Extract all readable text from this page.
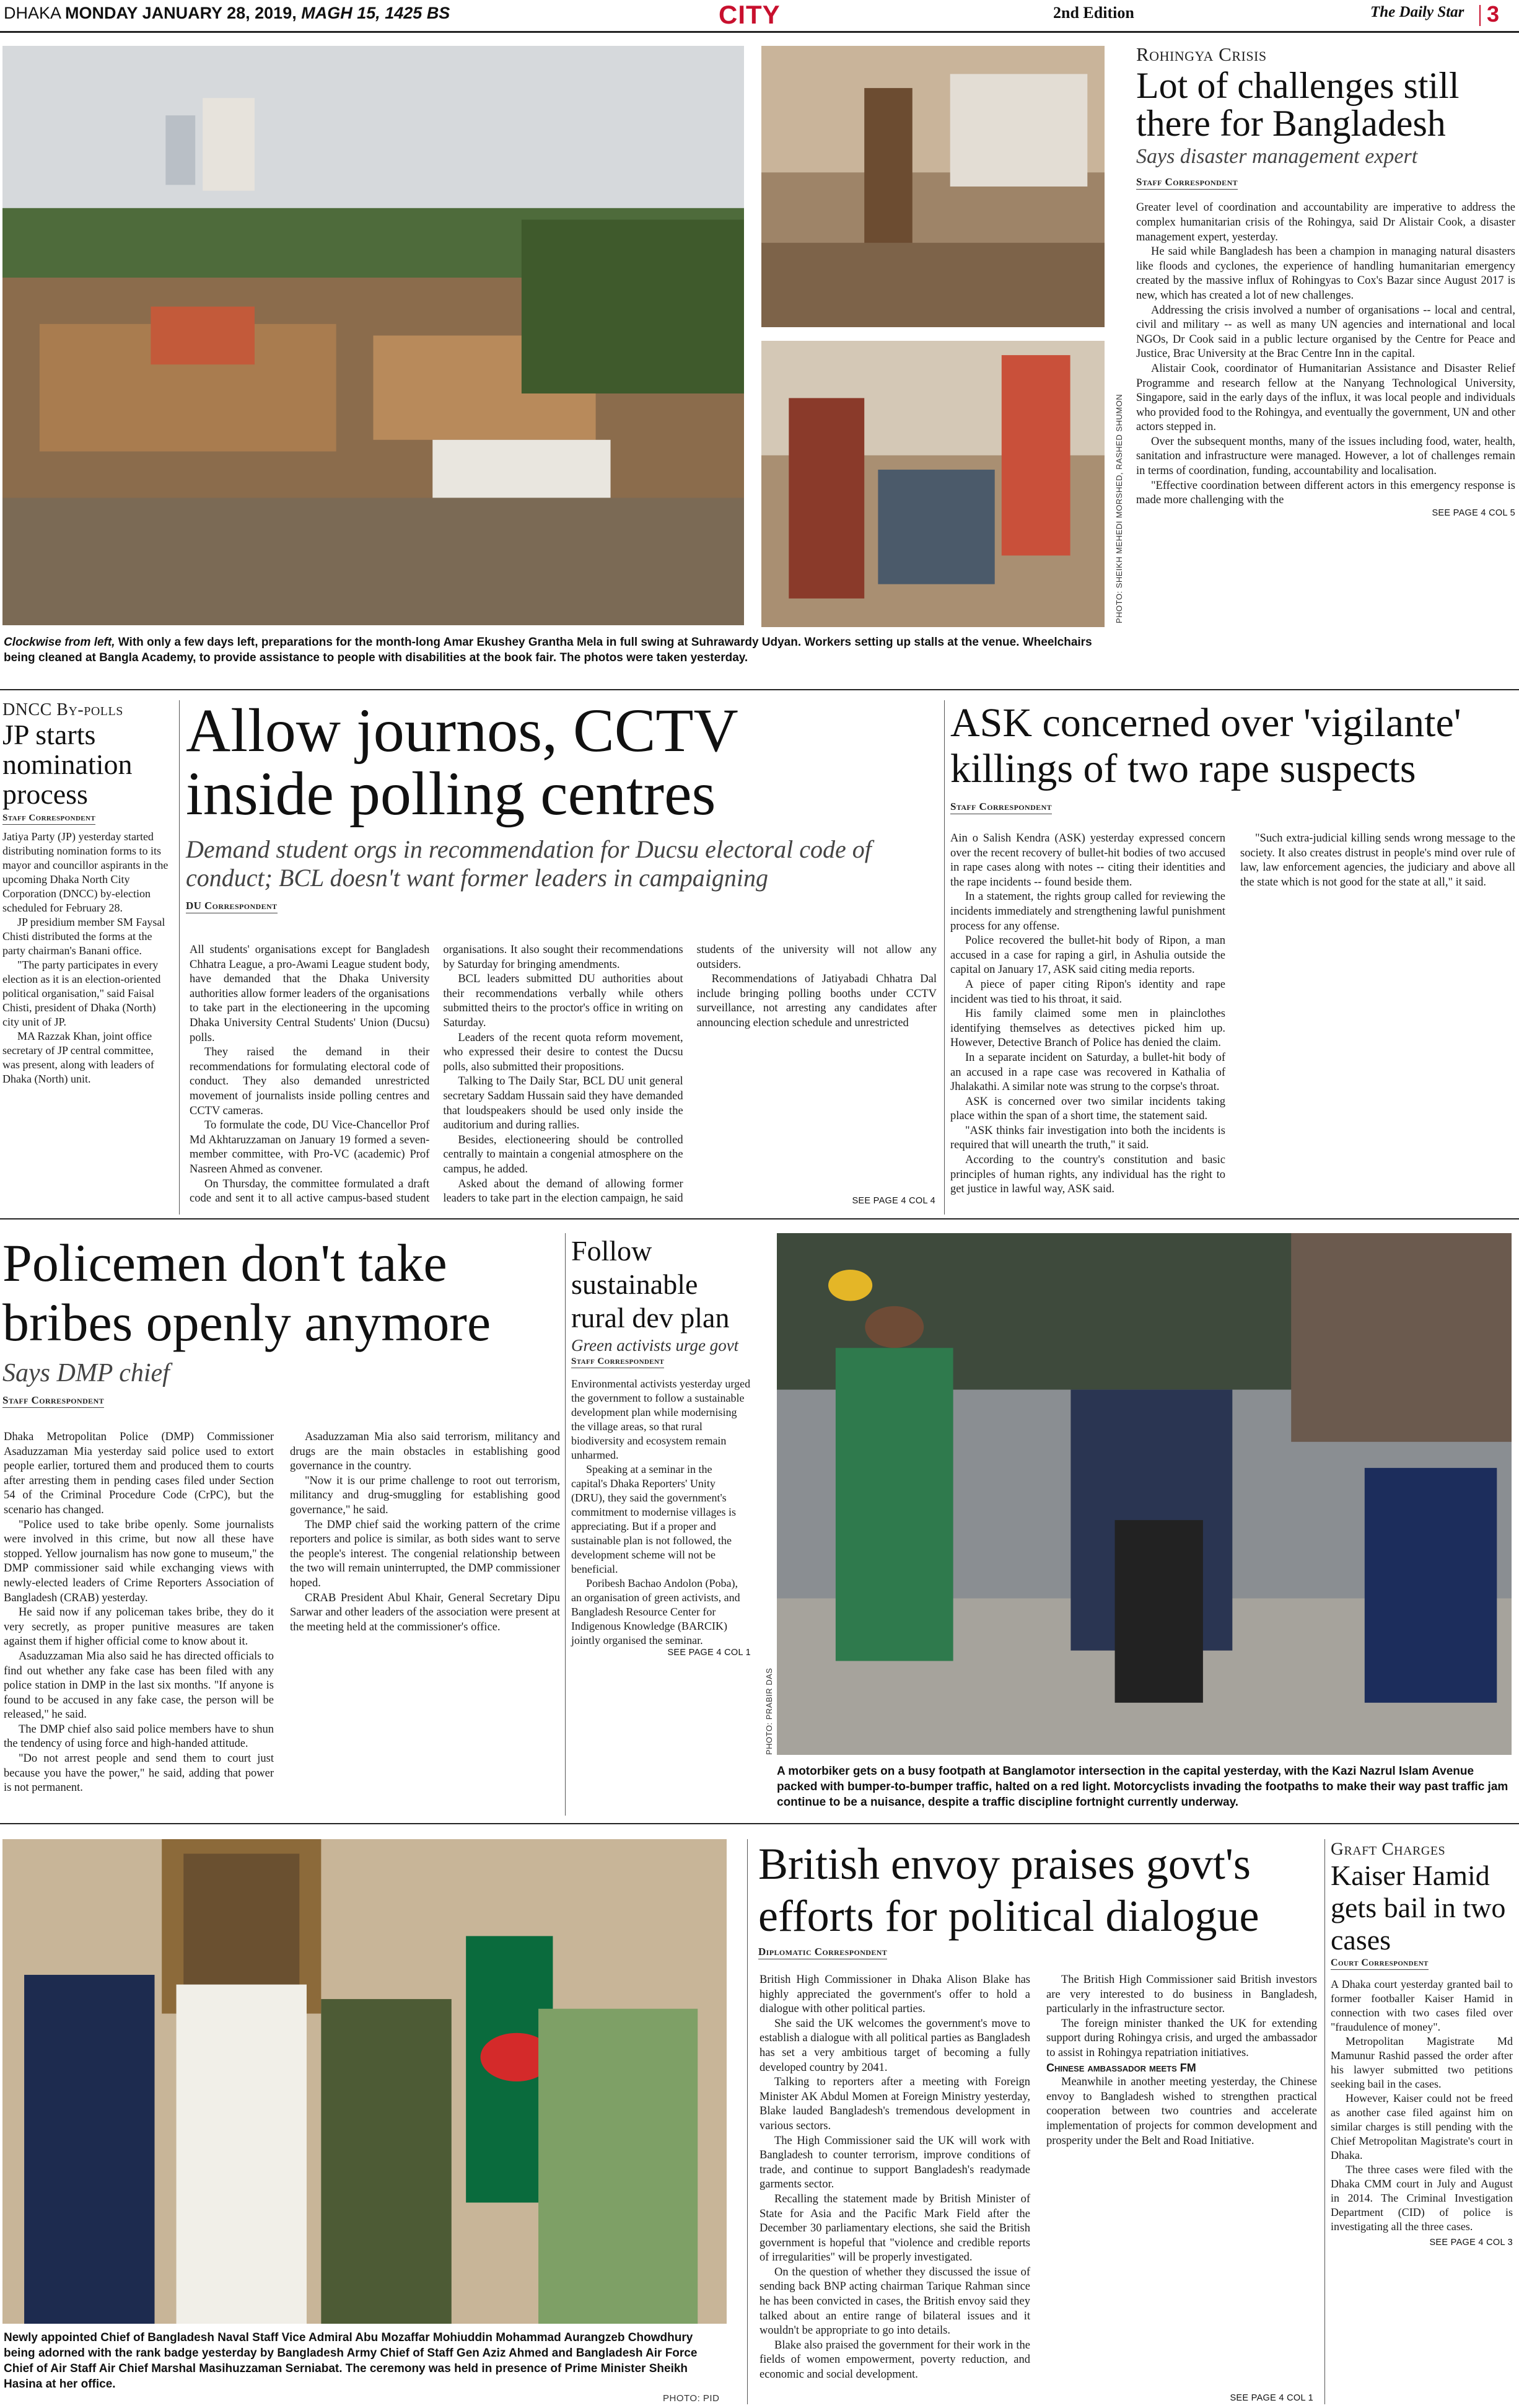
DHAKA MONDAY JANUARY 28, 2019, MAGH 15, 1425 BS	CITY	2nd Edition	The Daily Star 3
PHOTO: SHEIKH MEHEDI MORSHED, RASHED SHUMON
Clockwise from left, With only a few days left, preparations for the month-long Amar Ekushey Grantha Mela in full swing at Suhrawardy Udyan. Workers setting up stalls at the venue. Wheelchairs being cleaned at Bangla Academy, to provide assistance to people with disabilities at the book fair. The photos were taken yesterday.
Rohingya Crisis
Lot of challenges still there for Bangladesh
Says disaster management expert
Staff Correspondent

Greater level of coordination and accountability are imperative to address the complex humanitarian crisis of the Rohingya, said Dr Alistair Cook, a disaster management expert, yesterday.

He said while Bangladesh has been a champion in managing natural disasters like floods and cyclones, the experience of handling humanitarian emergency created by the massive influx of Rohingyas to Cox's Bazar since August 2017 is new, which has created a lot of new challenges.

Addressing the crisis involved a number of organisations -- local and central, civil and military -- as well as many UN agencies and international and local NGOs, Dr Cook said in a public lecture organised by the Centre for Peace and Justice, Brac University at the Brac Centre Inn in the capital.

Alistair Cook, coordinator of Humanitarian Assistance and Disaster Relief Programme and research fellow at the Nanyang Technological University, Singapore, said in the early days of the influx, it was local people and individuals who provided food to the Rohingya, and eventually the government, UN and other actors stepped in.

Over the subsequent months, many of the issues including food, water, health, sanitation and infrastructure were managed. However, a lot of challenges remain in terms of coordination, funding, accountability and localisation.

"Effective coordination between different actors in this emergency response is made more challenging with the

SEE PAGE 4 COL 5
DNCC By-polls
JP starts nomination process
Staff Correspondent

Jatiya Party (JP) yesterday started distributing nomination forms to its mayor and councillor aspirants in the upcoming Dhaka North City Corporation (DNCC) by-election scheduled for February 28.

JP presidium member SM Faysal Chisti distributed the forms at the party chairman's Banani office.

"The party participates in every election as it is an election-oriented political organisation," said Faisal Chisti, president of Dhaka (North) city unit of JP.

MA Razzak Khan, joint office secretary of JP central committee, was present, along with leaders of Dhaka (North) unit.

Allow journos, CCTV inside polling centres
Demand student orgs in recommendation for Ducsu electoral code of conduct; BCL doesn't want former leaders in campaigning
DU Correspondent

All students' organisations except for Bangladesh Chhatra League, a pro-Awami League student body, have demanded that the Dhaka University authorities allow former leaders of the organisations to take part in the electioneering in the upcoming Dhaka University Central Students' Union (Ducsu) polls.

They raised the demand in their recommendations for formulating electoral code of conduct. They also demanded unrestricted movement of journalists inside polling centres and CCTV cameras.

To formulate the code, DU Vice-Chancellor Prof Md Akhtaruzzaman on January 19 formed a seven-member committee, with Pro-VC (academic) Prof Nasreen Ahmed as convener.

On Thursday, the committee formulated a draft code and sent it to all active campus-based student organisations. It also sought their recommendations by Saturday for bringing amendments.

BCL leaders submitted DU authorities about their recommendations verbally while others submitted theirs to the proctor's office in writing on Saturday.

Leaders of the recent quota reform movement, who expressed their desire to contest the Ducsu polls, also submitted their propositions.

Talking to The Daily Star, BCL DU unit general secretary Saddam Hussain said they have demanded that loudspeakers should be used only inside the auditorium and during rallies.

Besides, electioneering should be controlled centrally to maintain a congenial atmosphere on the campus, he added.

Asked about the demand of allowing former leaders to take part in the election campaign, he said students of the university will not allow any outsiders.

Recommendations of Jatiyabadi Chhatra Dal include bringing polling booths under CCTV surveillance, not arresting any candidates after announcing election schedule and unrestricted

SEE PAGE 4 COL 4
ASK concerned over 'vigilante' killings of two rape suspects
Staff Correspondent

Ain o Salish Kendra (ASK) yesterday expressed concern over the recent recovery of bullet-hit bodies of two accused in rape cases along with notes -- citing their identities and the rape incidents -- found beside them.

In a statement, the rights group called for reviewing the incidents immediately and strengthening lawful punishment process for any offense.

Police recovered the bullet-hit body of Ripon, a man accused in a case for raping a girl, in Ashulia outside the capital on January 17, ASK said citing media reports.

A piece of paper citing Ripon's identity and rape incident was tied to his throat, it said.

His family claimed some men in plainclothes identifying themselves as detectives picked him up. However, Detective Branch of Police has denied the claim.

In a separate incident on Saturday, a bullet-hit body of an accused in a rape case was recovered in Kathalia of Jhalakathi. A similar note was strung to the corpse's throat.

ASK is concerned over two similar incidents taking place within the span of a short time, the statement said.

"ASK thinks fair investigation into both the incidents is required that will unearth the truth," it said.

According to the country's constitution and basic principles of human rights, any individual has the right to get justice in lawful way, ASK said.

"Such extra-judicial killing sends wrong message to the society. It also creates distrust in people's mind over rule of law, law enforcement agencies, the judiciary and above all the state which is not good for the state at all," it said.

Policemen don't take bribes openly anymore
Says DMP chief
Staff Correspondent

Dhaka Metropolitan Police (DMP) Commissioner Asaduzzaman Mia yesterday said police used to extort people earlier, tortured them and produced them to courts after arresting them in pending cases filed under Section 54 of the Criminal Procedure Code (CrPC), but the scenario has changed.

"Police used to take bribe openly. Some journalists were involved in this crime, but now all these have stopped. Yellow journalism has now gone to museum," the DMP commissioner said while exchanging views with newly-elected leaders of Crime Reporters Association of Bangladesh (CRAB) yesterday.

He said now if any policeman takes bribe, they do it very secretly, as proper punitive measures are taken against them if higher official come to know about it.

Asaduzzaman Mia also said he has directed officials to find out whether any fake case has been filed with any police station in DMP in the last six months. "If anyone is found to be accused in any fake case, the person will be released," he said.

The DMP chief also said police members have to shun the tendency of using force and high-handed attitude.

"Do not arrest people and send them to court just because you have the power," he said, adding that power is not permanent.

Asaduzzaman Mia also said terrorism, militancy and drugs are the main obstacles in establishing good governance in the country.

"Now it is our prime challenge to root out terrorism, militancy and drug-smuggling for establishing good governance," he said.

The DMP chief said the working pattern of the crime reporters and police is similar, as both sides want to serve the people's interest. The congenial relationship between the two will remain uninterrupted, the DMP commissioner hoped.

CRAB President Abul Khair, General Secretary Dipu Sarwar and other leaders of the association were present at the meeting held at the commissioner's office.

Follow sustainable rural dev plan
Green activists urge govt
Staff Correspondent

Environmental activists yesterday urged the government to follow a sustainable development plan while modernising the village areas, so that rural biodiversity and ecosystem remain unharmed.

Speaking at a seminar in the capital's Dhaka Reporters' Unity (DRU), they said the government's commitment to modernise villages is appreciating. But if a proper and sustainable plan is not followed, the development scheme will not be beneficial.

Poribesh Bachao Andolon (Poba), an organisation of green activists, and Bangladesh Resource Center for Indigenous Knowledge (BARCIK) jointly organised the seminar.

SEE PAGE 4 COL 1
PHOTO: PRABIR DAS
A motorbiker gets on a busy footpath at Banglamotor intersection in the capital yesterday, with the Kazi Nazrul Islam Avenue packed with bumper-to-bumper traffic, halted on a red light. Motorcyclists invading the footpaths to make their way past traffic jam continue to be a nuisance, despite a traffic discipline fortnight currently underway.
Newly appointed Chief of Bangladesh Naval Staff Vice Admiral Abu Mozaffar Mohiuddin Mohammad Aurangzeb Chowdhury being adorned with the rank badge yesterday by Bangladesh Army Chief of Staff Gen Aziz Ahmed and Bangladesh Air Force Chief of Air Staff Air Chief Marshal Masihuzzaman Serniabat. The ceremony was held in presence of Prime Minister Sheikh Hasina at her office.
PHOTO: PID
British envoy praises govt's efforts for political dialogue
Diplomatic Correspondent

British High Commissioner in Dhaka Alison Blake has highly appreciated the government's offer to hold a dialogue with other political parties.

She said the UK welcomes the government's move to establish a dialogue with all political parties as Bangladesh has set a very ambitious target of becoming a fully developed country by 2041.

Talking to reporters after a meeting with Foreign Minister AK Abdul Momen at Foreign Ministry yesterday, Blake lauded Bangladesh's tremendous development in various sectors.

The High Commissioner said the UK will work with Bangladesh to counter terrorism, improve conditions of trade, and continue to support Bangladesh's readymade garments sector.

Recalling the statement made by British Minister of State for Asia and the Pacific Mark Field after the December 30 parliamentary elections, she said the British government is hopeful that "violence and credible reports of irregularities" will be properly investigated.

On the question of whether they discussed the issue of sending back BNP acting chairman Tarique Rahman since he has been convicted in cases, the British envoy said they talked about an entire range of bilateral issues and it wouldn't be appropriate to go into details.

Blake also praised the government for their work in the fields of women empowerment, poverty reduction, and economic and social development.

The British High Commissioner said British investors are very interested to do business in Bangladesh, particularly in the infrastructure sector.

The foreign minister thanked the UK for extending support during Rohingya crisis, and urged the ambassador to assist in Rohingya repatriation initiatives.

Chinese ambassador meets FM

Meanwhile in another meeting yesterday, the Chinese envoy to Bangladesh wished to strengthen practical cooperation between two countries and accelerate implementation of projects for common development and prosperity under the Belt and Road Initiative.

SEE PAGE 4 COL 1
Graft Charges
Kaiser Hamid gets bail in two cases
Court Correspondent

A Dhaka court yesterday granted bail to former footballer Kaiser Hamid in connection with two cases filed over "fraudulence of money".

Metropolitan Magistrate Md Mamunur Rashid passed the order after his lawyer submitted two petitions seeking bail in the cases.

However, Kaiser could not be freed as another case filed against him on similar charges is still pending with the Chief Metropolitan Magistrate's court in Dhaka.

The three cases were filed with the Dhaka CMM court in July and August in 2014. The Criminal Investigation Department (CID) of police is investigating all the three cases.

SEE PAGE 4 COL 3
